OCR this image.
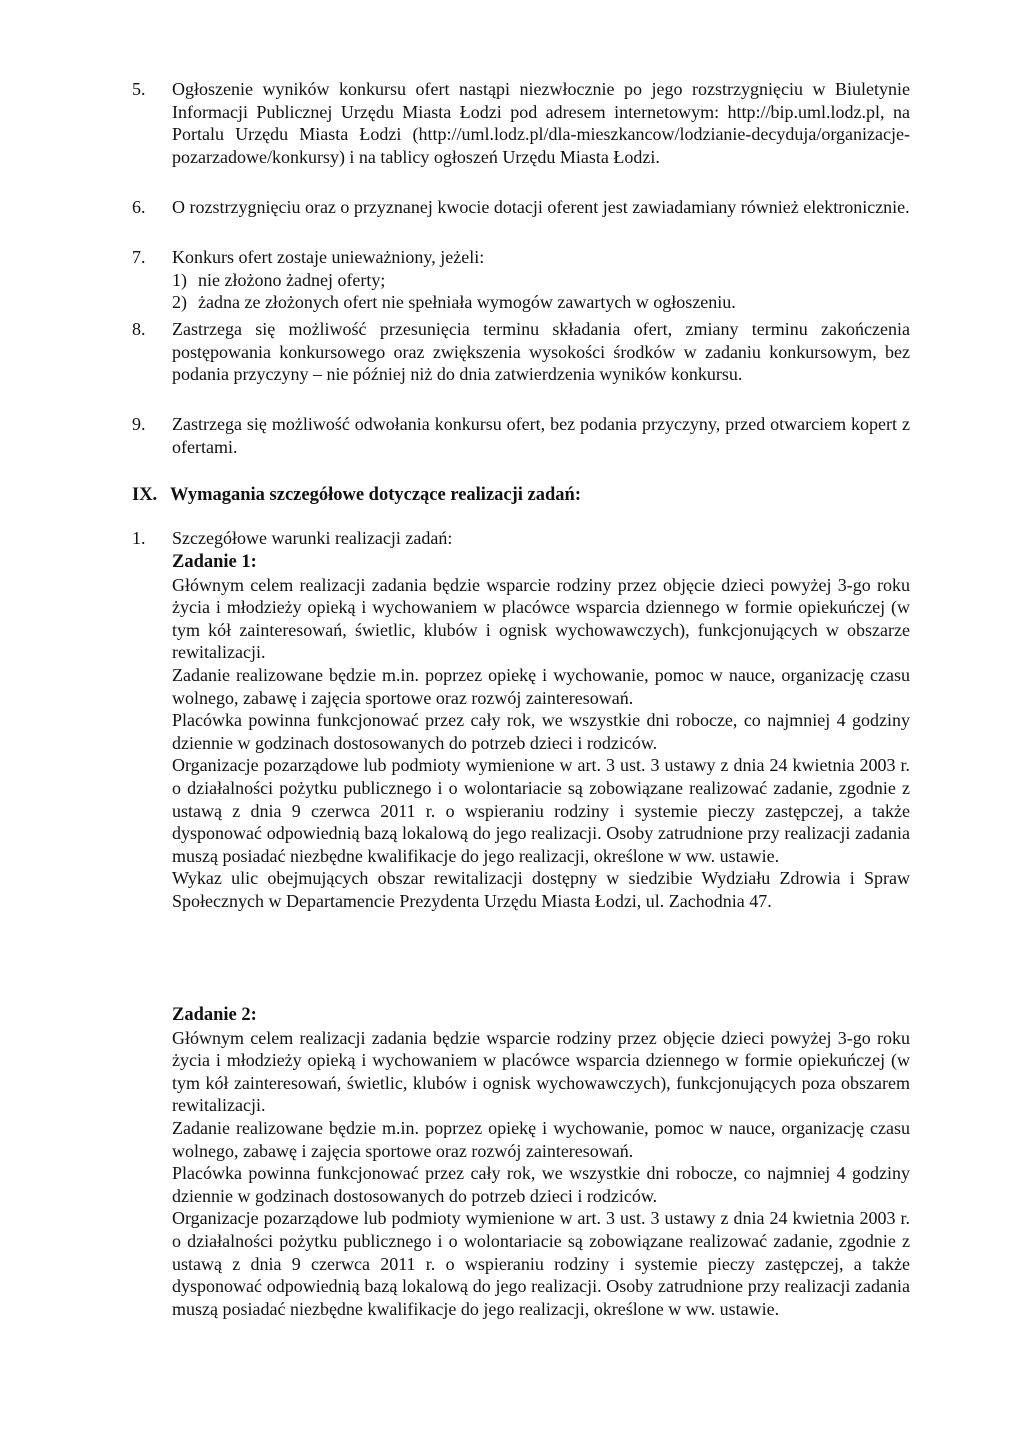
5. Ogłoszenie wyników konkursu ofert nastąpi niezwłocznie po jego rozstrzygnięciu w Biuletynie Informacji Publicznej Urzędu Miasta Łodzi pod adresem internetowym: http://bip.uml.lodz.pl, na Portalu Urzędu Miasta Łodzi (http://uml.lodz.pl/dla-mieszkancow/lodzianie-decyduja/organizacje-pozarzadowe/konkursy) i na tablicy ogłoszeń Urzędu Miasta Łodzi.
6. O rozstrzygnięciu oraz o przyznanej kwocie dotacji oferent jest zawiadamiany również elektronicznie.
7. Konkurs ofert zostaje unieważniony, jeżeli:
1) nie złożono żadnej oferty;
2) żadna ze złożonych ofert nie spełniała wymogów zawartych w ogłoszeniu.
8. Zastrzega się możliwość przesunięcia terminu składania ofert, zmiany terminu zakończenia postępowania konkursowego oraz zwiększenia wysokości środków w zadaniu konkursowym, bez podania przyczyny – nie później niż do dnia zatwierdzenia wyników konkursu.
9. Zastrzega się możliwość odwołania konkursu ofert, bez podania przyczyny, przed otwarciem kopert z ofertami.
IX. Wymagania szczegółowe dotyczące realizacji zadań:
1. Szczegółowe warunki realizacji zadań:

Zadanie 1:

Głównym celem realizacji zadania będzie wsparcie rodziny przez objęcie dzieci powyżej 3-go roku życia i młodzieży opieką i wychowaniem w placówce wsparcia dziennego w formie opiekuńczej (w tym kół zainteresowań, świetlic, klubów i ognisk wychowawczych), funkcjonujących w obszarze rewitalizacji.

Zadanie realizowane będzie m.in. poprzez opiekę i wychowanie, pomoc w nauce, organizację czasu wolnego, zabawę i zajęcia sportowe oraz rozwój zainteresowań.

Placówka powinna funkcjonować przez cały rok, we wszystkie dni robocze, co najmniej 4 godziny dziennie w godzinach dostosowanych do potrzeb dzieci i rodziców.

Organizacje pozarządowe lub podmioty wymienione w art. 3 ust. 3 ustawy z dnia 24 kwietnia 2003 r. o działalności pożytku publicznego i o wolontariacie są zobowiązane realizować zadanie, zgodnie z ustawą z dnia 9 czerwca 2011 r. o wspieraniu rodziny i systemie pieczy zastępczej, a także dysponować odpowiednią bazą lokalową do jego realizacji. Osoby zatrudnione przy realizacji zadania muszą posiadać niezbędne kwalifikacje do jego realizacji, określone w ww. ustawie.

Wykaz ulic obejmujących obszar rewitalizacji dostępny w siedzibie Wydziału Zdrowia i Spraw Społecznych w Departamencie Prezydenta Urzędu Miasta Łodzi, ul. Zachodnia 47.

Zadanie 2:

Głównym celem realizacji zadania będzie wsparcie rodziny przez objęcie dzieci powyżej 3-go roku życia i młodzieży opieką i wychowaniem w placówce wsparcia dziennego w formie opiekuńczej (w tym kół zainteresowań, świetlic, klubów i ognisk wychowawczych), funkcjonujących poza obszarem rewitalizacji.

Zadanie realizowane będzie m.in. poprzez opiekę i wychowanie, pomoc w nauce, organizację czasu wolnego, zabawę i zajęcia sportowe oraz rozwój zainteresowań.

Placówka powinna funkcjonować przez cały rok, we wszystkie dni robocze, co najmniej 4 godziny dziennie w godzinach dostosowanych do potrzeb dzieci i rodziców.

Organizacje pozarządowe lub podmioty wymienione w art. 3 ust. 3 ustawy z dnia 24 kwietnia 2003 r. o działalności pożytku publicznego i o wolontariacie są zobowiązane realizować zadanie, zgodnie z ustawą z dnia 9 czerwca 2011 r. o wspieraniu rodziny i systemie pieczy zastępczej, a także dysponować odpowiednią bazą lokalową do jego realizacji. Osoby zatrudnione przy realizacji zadania muszą posiadać niezbędne kwalifikacje do jego realizacji, określone w ww. ustawie.
